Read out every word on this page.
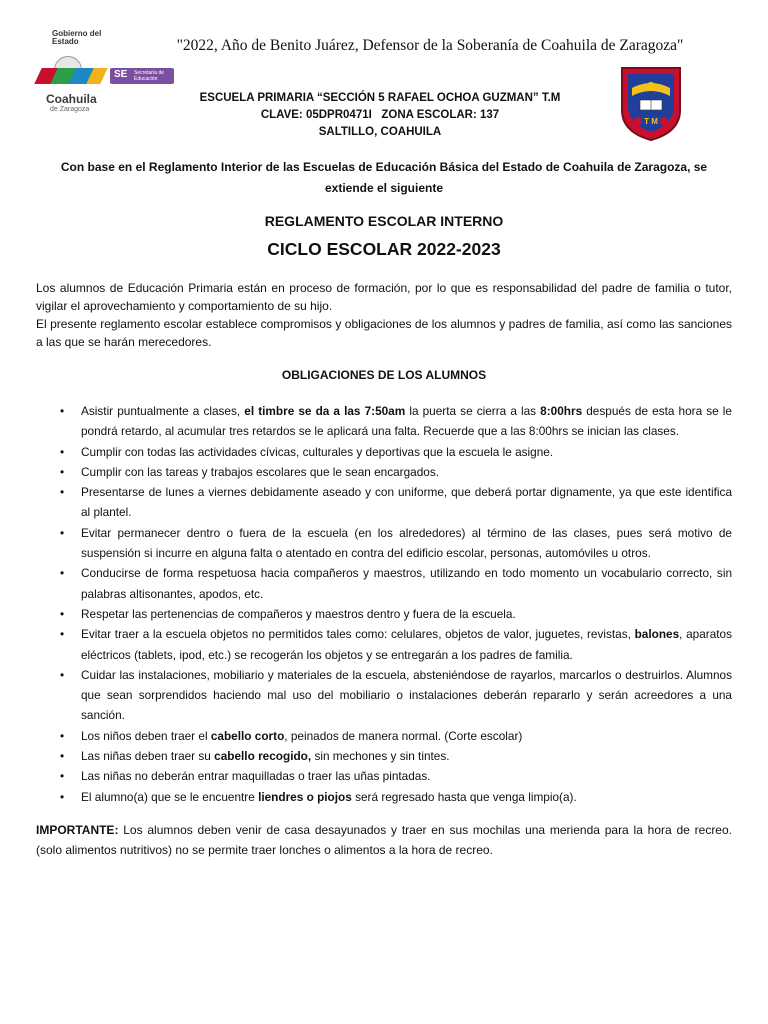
Gobierno del Estado
SE Secretaría de Educación
Coahuila
de Zaragoza
"2022, Año de Benito Juárez, Defensor de la Soberanía de Coahuila de Zaragoza"
ESCUELA PRIMARIA “SECCIÓN 5 RAFAEL OCHOA GUZMAN” T.M
CLAVE: 05DPR0471I   ZONA ESCOLAR: 137
SALTILLO, COAHUILA
T M
Con base en el Reglamento Interior de las Escuelas de Educación Básica del Estado de Coahuila de Zaragoza, se extiende el siguiente
REGLAMENTO ESCOLAR INTERNO
CICLO ESCOLAR 2022-2023
Los alumnos de Educación Primaria están en proceso de formación, por lo que es responsabilidad del padre de familia o tutor, vigilar el aprovechamiento y comportamiento de su hijo.
El presente reglamento escolar establece compromisos y obligaciones de los alumnos y padres de familia, así como las sanciones a las que se harán merecedores.
OBLIGACIONES DE LOS ALUMNOS
• Asistir puntualmente a clases, el timbre se da a las 7:50am la puerta se cierra a las 8:00hrs después de esta hora se le pondrá retardo, al acumular tres retardos se le aplicará una falta. Recuerde que a las 8:00hrs se inician las clases.
• Cumplir con todas las actividades cívicas, culturales y deportivas que la escuela le asigne.
• Cumplir con las tareas y trabajos escolares que le sean encargados.
• Presentarse de lunes a viernes debidamente aseado y con uniforme, que deberá portar dignamente, ya que este identifica al plantel.
• Evitar permanecer dentro o fuera de la escuela (en los alrededores) al término de las clases, pues será motivo de suspensión si incurre en alguna falta o atentado en contra del edificio escolar, personas, automóviles u otros.
• Conducirse de forma respetuosa hacia compañeros y maestros, utilizando en todo momento un vocabulario correcto, sin palabras altisonantes, apodos, etc.
• Respetar las pertenencias de compañeros y maestros dentro y fuera de la escuela.
• Evitar traer a la escuela objetos no permitidos tales como: celulares, objetos de valor, juguetes, revistas, balones, aparatos eléctricos (tablets, ipod, etc.) se recogerán los objetos y se entregarán a los padres de familia.
• Cuidar las instalaciones, mobiliario y materiales de la escuela, absteniéndose de rayarlos, marcarlos o destruirlos. Alumnos que sean sorprendidos haciendo mal uso del mobiliario o instalaciones deberán repararlo y serán acreedores a una sanción.
• Los niños deben traer el cabello corto, peinados de manera normal. (Corte escolar)
• Las niñas deben traer su cabello recogido, sin mechones y sin tintes.
• Las niñas no deberán entrar maquilladas o traer las uñas pintadas.
• El alumno(a) que se le encuentre liendres o piojos será regresado hasta que venga limpio(a).
IMPORTANTE: Los alumnos deben venir de casa desayunados y traer en sus mochilas una merienda para la hora de recreo. (solo alimentos nutritivos) no se permite traer lonches o alimentos a la hora de recreo.
